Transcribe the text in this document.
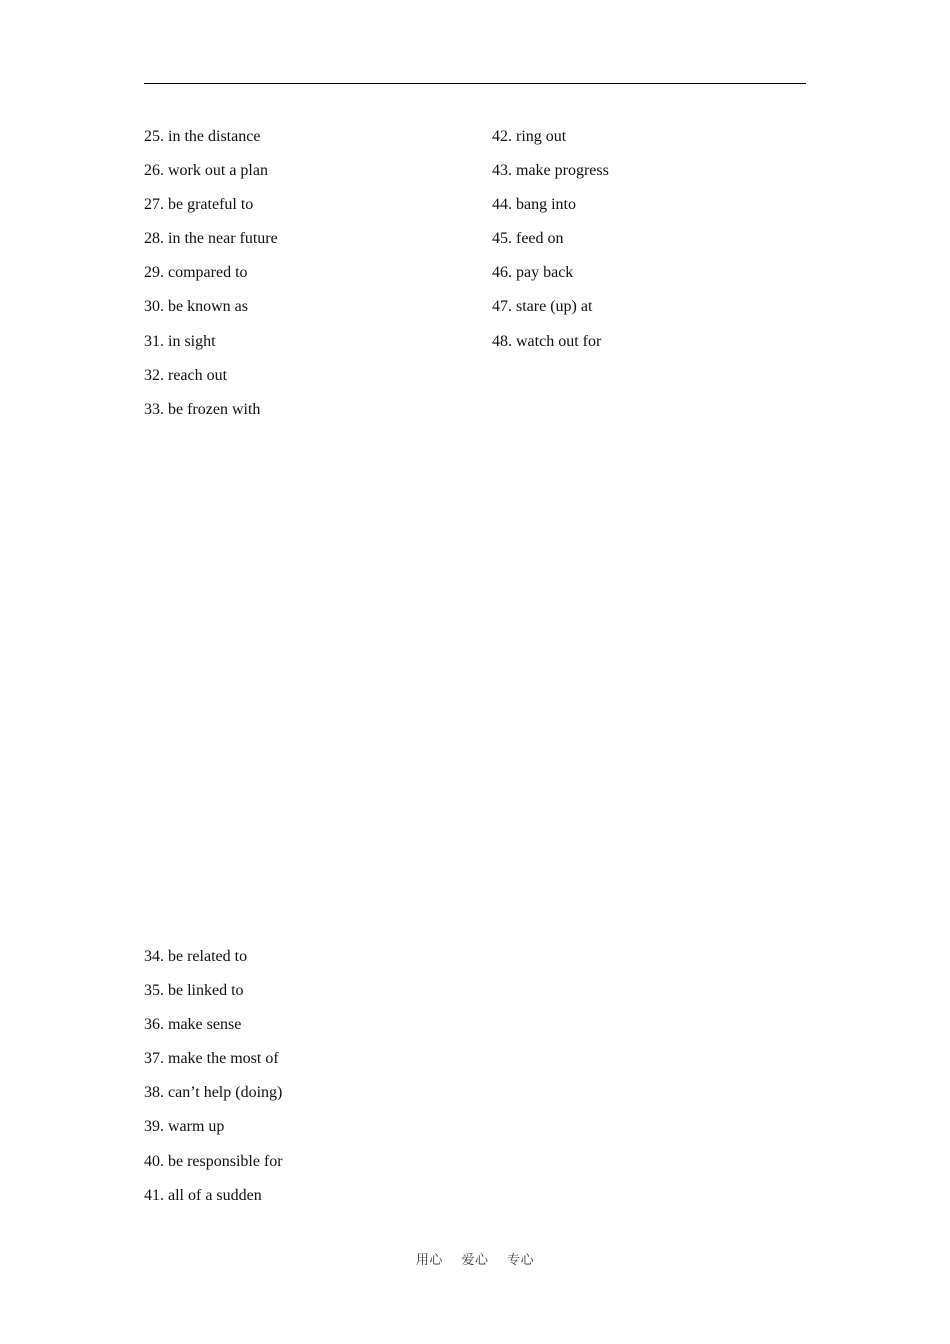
25. in the distance
26. work out a plan
27. be grateful to
28. in the near future
29. compared to
30. be known as
31. in sight
32. reach out
33. be frozen with
42. ring out
43. make progress
44. bang into
45. feed on
46. pay back
47. stare (up) at
48. watch out for
34. be related to
35. be linked to
36. make sense
37. make the most of
38. can’t help (doing)
39. warm up
40. be responsible for
41. all of a sudden
用心 爱心 专心
